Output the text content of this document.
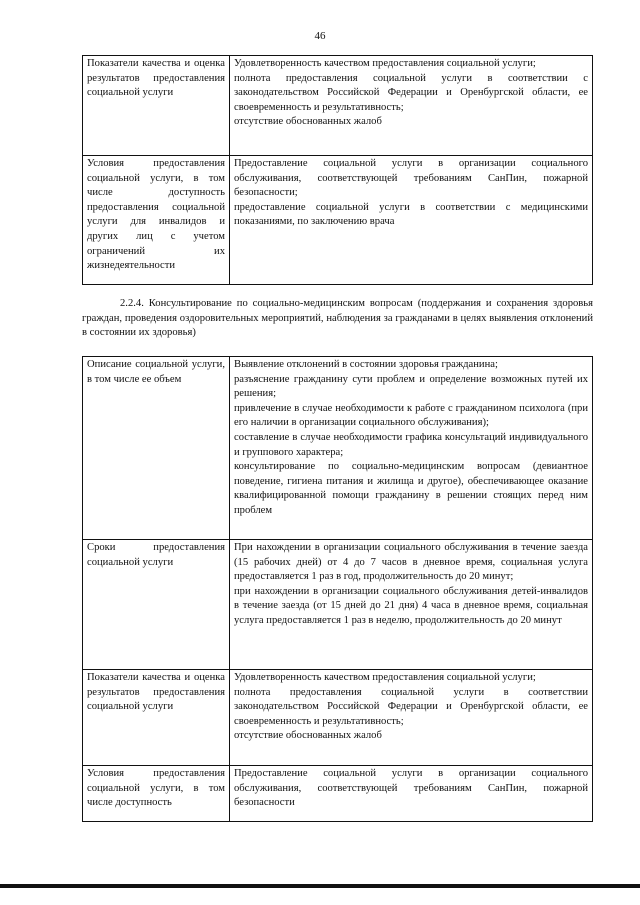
46
Показатели качества и оценка результатов предоставления социальной услуги	Удовлетворенность качеством предоставления социальной услуги;
полнота предоставления социальной услуги в соответствии с законодательством Российской Федерации и Оренбургской области, ее своевременность и результативность;
отсутствие обоснованных жалоб

Условия предоставления социальной услуги, в том числе доступность предоставления социальной услуги для инвалидов и других лиц с учетом ограничений их жизнедеятельности	Предоставление социальной услуги в организации социального обслуживания, соответствующей требованиям СанПин, пожарной безопасности;
предоставление социальной услуги в соответствии с медицинскими показаниями, по заключению врача
2.2.4. Консультирование по социально-медицинским вопросам (поддержания и сохранения здоровья граждан, проведения оздоровительных мероприятий, наблюдения за гражданами в целях выявления отклонений в состоянии их здоровья)
Описание социальной услуги, в том числе ее объем	Выявление отклонений в состоянии здоровья гражданина;
разъяснение гражданину сути проблем и определение возможных путей их решения;
привлечение в случае необходимости к работе с гражданином психолога (при его наличии в организации социального обслуживания);
составление в случае необходимости графика консультаций индивидуального и группового характера;
консультирование по социально-медицинским вопросам (девиантное поведение, гигиена питания и жилища и другое), обеспечивающее оказание квалифицированной помощи гражданину в решении стоящих перед ним проблем

Сроки предоставления социальной услуги	При нахождении в организации социального обслуживания в течение заезда (15 рабочих дней) от 4 до 7 часов в дневное время, социальная услуга предоставляется 1 раз в год, продолжительность до 20 минут;
при нахождении в организации социального обслуживания детей-инвалидов в течение заезда (от 15 дней до 21 дня) 4 часа в дневное время, социальная услуга предоставляется 1 раз в неделю, продолжительность до 20 минут

Показатели качества и оценка результатов предоставления социальной услуги	Удовлетворенность качеством предоставления социальной услуги;
полнота предоставления социальной услуги в соответствии законодательством Российской Федерации и Оренбургской области, ее своевременность и результативность;
отсутствие обоснованных жалоб

Условия предоставления социальной услуги, в том числе доступность	Предоставление социальной услуги в организации социального обслуживания, соответствующей требованиям СанПин, пожарной безопасности
